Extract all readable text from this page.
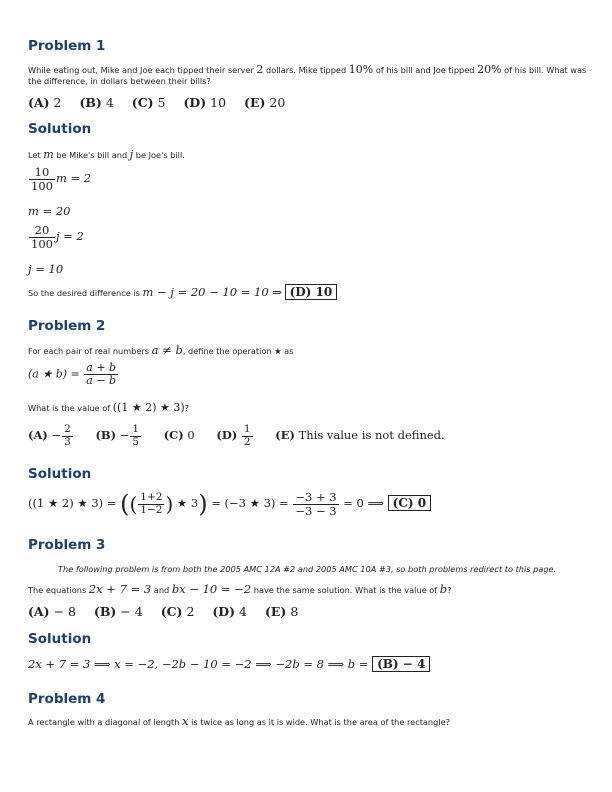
Problem 1
While eating out, Mike and Joe each tipped their server 2 dollars. Mike tipped 10% of his bill and Joe tipped 20% of his bill. What was
the difference, in dollars between their bills?
(A) 2 (B) 4 (C) 5 (D) 10 (E) 20
Solution
Let m be Mike's bill and j be Joe's bill.
$\frac{10}{100}$ m = 2
m = 20
$\frac{20}{100}$ j = 2
j = 10
So the desired difference is m − j = 20 − 10 = 10 ⇒ (D) 10
Problem 2
For each pair of real numbers a ≠ b, define the operation ★ as
(a ★ $b) = \frac{a + b}{a - b}$
What is the value of ((1 ★ 2) ★ 3)?
$(A) - \frac{2}{3} (B) - \frac{1}{5} (C)$ 0 $(D) \frac{1}{2} (E)$ This value is not defined.
Solution
((1 ★ 2) ★ 3) = (( $\frac{1+2}{1-2}$ ) ★ 3) = (−3 ★ $3) = \frac{-3 + 3}{-3 - 3} = 0$ ⟹ (C) 0
Problem 3
The following problem is from both the 2005 AMC 12A #2 and 2005 AMC 10A #3, so both problems redirect to this page.
The equations 2x + 7 = 3 and bx − 10 = −2 have the same solution. What is the value of b?
(A) − 8 (B) − 4 (C) 2 (D) 4 (E) 8
Solution
2x + 7 = 3 ⟹ x = −2, −2b − 10 = −2 ⟹ −2b = 8 ⟹ b = (B) − 4
Problem 4
A rectangle with a diagonal of length x is twice as long as it is wide. What is the area of the rectangle?
